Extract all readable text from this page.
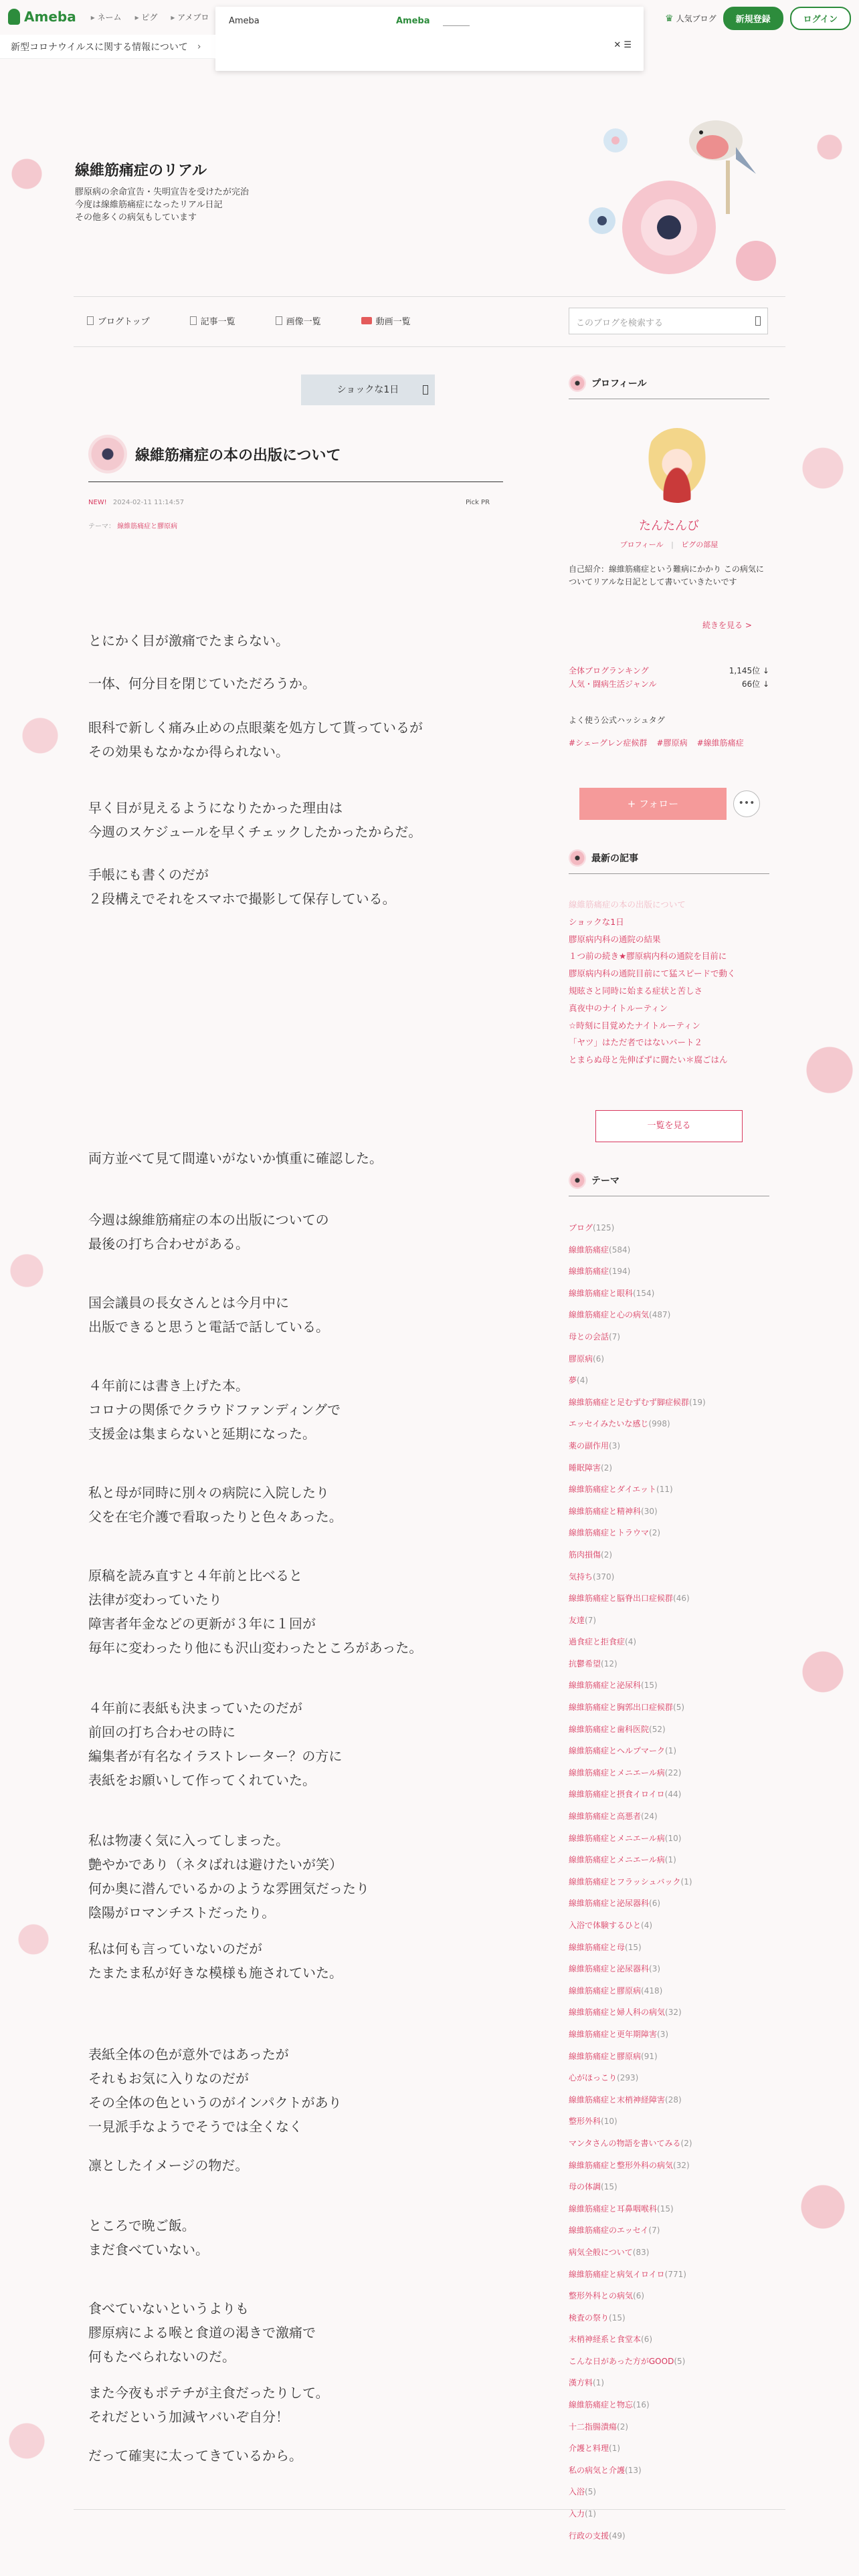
Ameba	▸ ネーム	▸ ピグ	▸ アメブロ	♛ 人気ブログ	新規登録	ログイン
Ameba	Ameba
✕ ☰
新型コロナウイルスに関する情報について ›
線維筋痛症のリアル
膠原病の余命宣告・失明宣告を受けたが完治
今度は線維筋痛症になったリアル日記
その他多くの病気もしています
ブログトップ	記事一覧	画像一覧	動画一覧	このブログを検索する
ショックな1日
線維筋痛症の本の出版について
NEW! 2024-02-11 11:14:57	Pick PR
テーマ： 線維筋痛症と膠原病
とにかく目が激痛でたまらない。
一体、何分目を閉じていただろうか。
眼科で新しく痛み止めの点眼薬を処方して貰っているが
その効果もなかなか得られない。
早く目が見えるようになりたかった理由は
今週のスケジュールを早くチェックしたかったからだ。
手帳にも書くのだが
２段構えでそれをスマホで撮影して保存している。
両方並べて見て間違いがないか慎重に確認した。
今週は線維筋痛症の本の出版についての
最後の打ち合わせがある。
国会議員の長女さんとは今月中に
出版できると思うと電話で話している。
４年前には書き上げた本。
コロナの関係でクラウドファンディングで
支援金は集まらないと延期になった。
私と母が同時に別々の病院に入院したり
父を在宅介護で看取ったりと色々あった。
原稿を読み直すと４年前と比べると
法律が変わっていたり
障害者年金などの更新が３年に１回が
毎年に変わったり他にも沢山変わったところがあった。
４年前に表紙も決まっていたのだが
前回の打ち合わせの時に
編集者が有名なイラストレーター？の方に
表紙をお願いして作ってくれていた。
私は物凄く気に入ってしまった。
艶やかであり（ネタばれは避けたいが笑）
何か奥に潜んでいるかのような雰囲気だったり
陰陽がロマンチストだったり。
私は何も言っていないのだが
たまたま私が好きな模様も施されていた。
表紙全体の色が意外ではあったが
それもお気に入りなのだが
その全体の色というのがインパクトがあり
一見派手なようでそうでは全くなく
凛としたイメージの物だ。
ところで晩ご飯。
まだ食べていない。
食べていないというよりも
膠原病による喉と食道の渇きで激痛で
何もたべられないのだ。
また今夜もポテチが主食だったりして。
それだという加減ヤバいぞ自分！
だって確実に太ってきているから。
プロフィール
たんたんび
プロフィール | ピグの部屋
自己紹介：線維筋痛症という難病にかかり この病気についてリアルな日記として書いていきたいです
続きを見る >
全体ブログランキング	1,145位 ↓
人気・闘病生活ジャンル	66位 ↓
よく使う公式ハッシュタグ
#シェーグレン症候群 #膠原病 #線維筋痛症
+ フォロー	•••
最新の記事
線維筋痛症の本の出版について
ショックな1日
膠原病内科の通院の結果
１つ前の続き★膠原病内科の通院を目前に
膠原病内科の通院目前にて猛スピードで動く
規眩さと同時に始まる症状と苦しさ
真夜中のナイトルーティン
☆時刻に目覚めたナイトルーティン
「ヤツ」はただ者ではないパート２
とまらぬ母と先伸ばずに闘たい＊腐ごはん
一覧を見る
テーマ
ブログ(125)
線維筋痛症(584)
線維筋痛症(194)
線維筋痛症と眼科(154)
線維筋痛症と心の病気(487)
母との会話(7)
膠原病(6)
夢(4)
線維筋痛症と足むずむず脚症候群(19)
エッセイみたいな感じ(998)
薬の副作用(3)
睡眠障害(2)
線維筋痛症とダイエット(11)
線維筋痛症と精神科(30)
線維筋痛症とトラウマ(2)
筋肉損傷(2)
気持ち(370)
線維筋痛症と脳脊出口症候群(46)
友達(7)
過食症と拒食症(4)
抗鬱希望(12)
線維筋痛症と泌尿科(15)
線維筋痛症と胸郭出口症候群(5)
線維筋痛症と歯科医院(52)
線維筋痛症とヘルプマーク(1)
線維筋痛症とメニエール病(22)
線維筋痛症と摂食イロイロ(44)
線維筋痛症と高悪者(24)
線維筋痛症とメニエール病(10)
線維筋痛症とメニエール病(1)
線維筋痛症とフラッシュバック(1)
線維筋痛症と泌尿器科(6)
入浴で体験するひと(4)
線維筋痛症と母(15)
線維筋痛症と泌尿器科(3)
線維筋痛症と膠原病(418)
線維筋痛症と婦人科の病気(32)
線維筋痛症と更年期障害(3)
線維筋痛症と膠原病(91)
心がほっこり(293)
線維筋痛症と末梢神経障害(28)
整形外科(10)
マンタさんの物語を書いてみる(2)
線維筋痛症と整形外科の病気(32)
母の体調(15)
線維筋痛症と耳鼻咽喉科(15)
線維筋痛症のエッセイ(7)
病気全般について(83)
線維筋痛症と病気イロイロ(771)
整形外科との病気(6)
検査の祭り(15)
末梢神経系と食堂本(6)
こんな日があった方がGOOD(5)
漢方料(1)
線維筋痛症と物忘(16)
十二指腸潰瘍(2)
介護と料理(1)
私の病気と介護(13)
入浴(5)
入力(1)
行政の支援(49)
